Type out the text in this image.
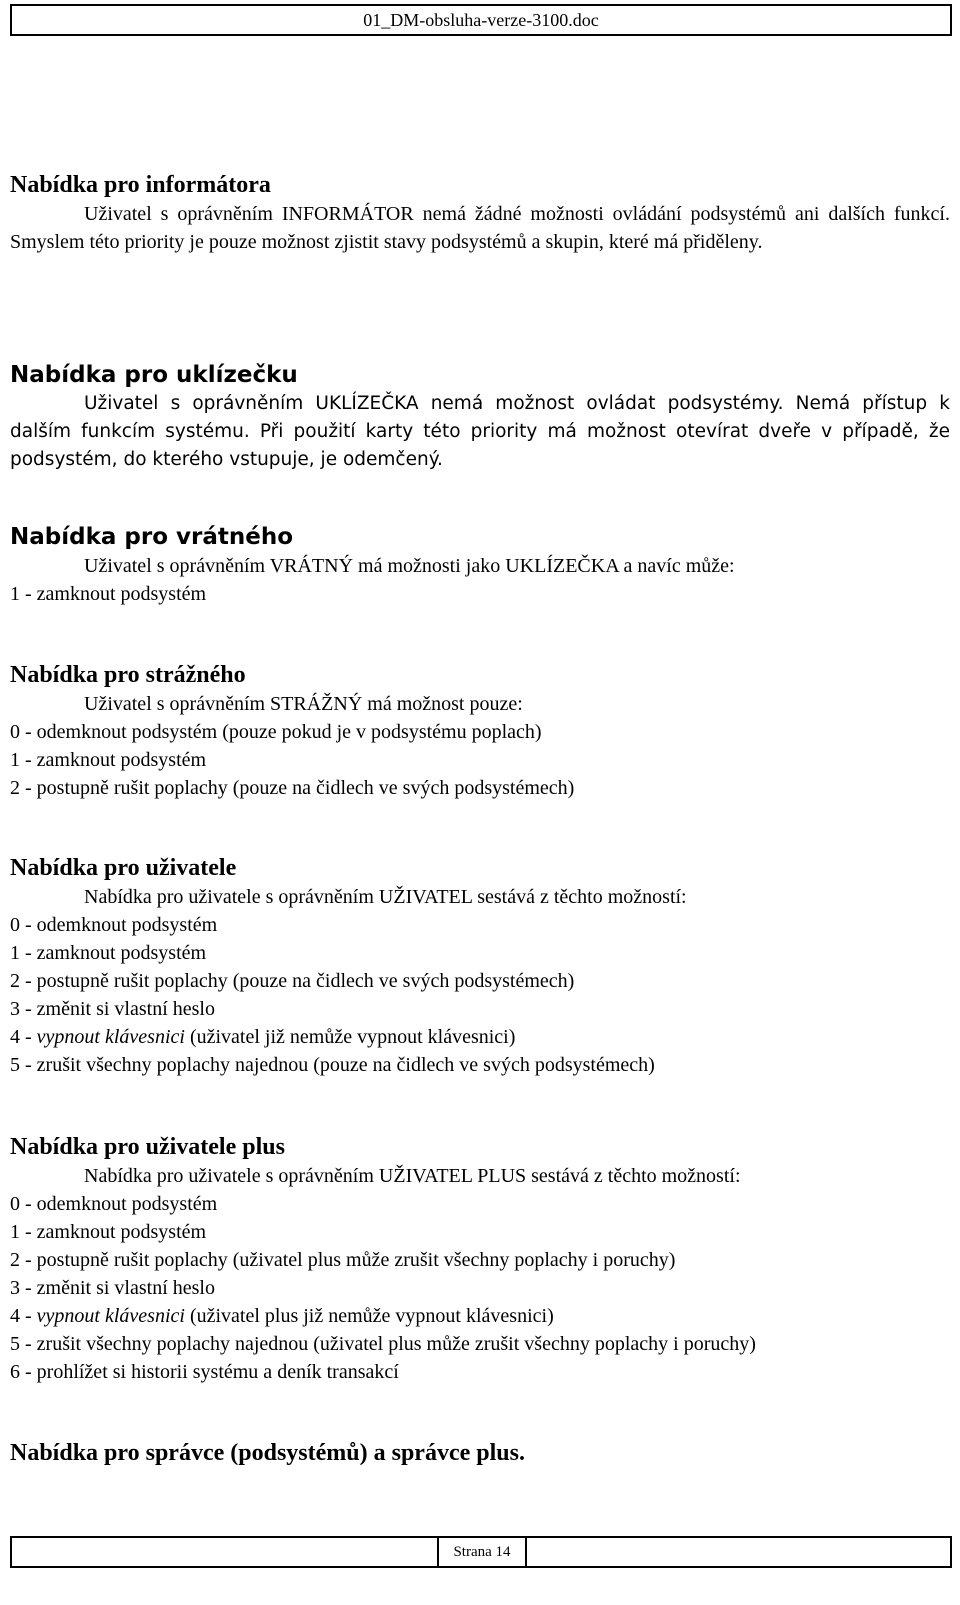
01_DM-obsluha-verze-3100.doc
Nabídka pro informátora
Uživatel s oprávněním INFORMÁTOR nemá žádné možnosti ovládání podsystémů ani dalších funkcí. Smyslem této priority je pouze možnost zjistit stavy podsystémů a skupin, které má přiděleny.
Nabídka pro uklízečku
Uživatel s oprávněním UKLÍZEČKA nemá možnost ovládat podsystémy. Nemá přístup k dalším funkcím systému. Při použití karty této priority má možnost otevírat dveře v případě, že podsystém, do kterého vstupuje, je odemčený.
Nabídka pro vrátného
Uživatel s oprávněním VRÁTNÝ má možnosti jako UKLÍZEČKA a navíc může:
1 - zamknout podsystém
Nabídka pro strážného
Uživatel s oprávněním STRÁŽNÝ má možnost pouze:
0 - odemknout podsystém (pouze pokud je v podsystému poplach)
1 - zamknout podsystém
2 - postupně rušit poplachy (pouze na čidlech ve svých podsystémech)
Nabídka pro uživatele
Nabídka pro uživatele s oprávněním UŽIVATEL sestává z těchto možností:
0 - odemknout podsystém
1 - zamknout podsystém
2 - postupně rušit poplachy (pouze na čidlech ve svých podsystémech)
3 - změnit si vlastní heslo
4 - vypnout klávesnici (uživatel již nemůže vypnout klávesnici)
5 - zrušit všechny poplachy najednou (pouze na čidlech ve svých podsystémech)
Nabídka pro uživatele plus
Nabídka pro uživatele s oprávněním UŽIVATEL PLUS sestává z těchto možností:
0 - odemknout podsystém
1 - zamknout podsystém
2 - postupně rušit poplachy (uživatel plus může zrušit všechny poplachy i poruchy)
3 - změnit si vlastní heslo
4 - vypnout klávesnici (uživatel plus již nemůže vypnout klávesnici)
5 - zrušit všechny poplachy najednou (uživatel plus může zrušit všechny poplachy i poruchy)
6 - prohlížet si historii systému a deník transakcí
Nabídka pro správce (podsystémů) a správce plus.
Strana 14
